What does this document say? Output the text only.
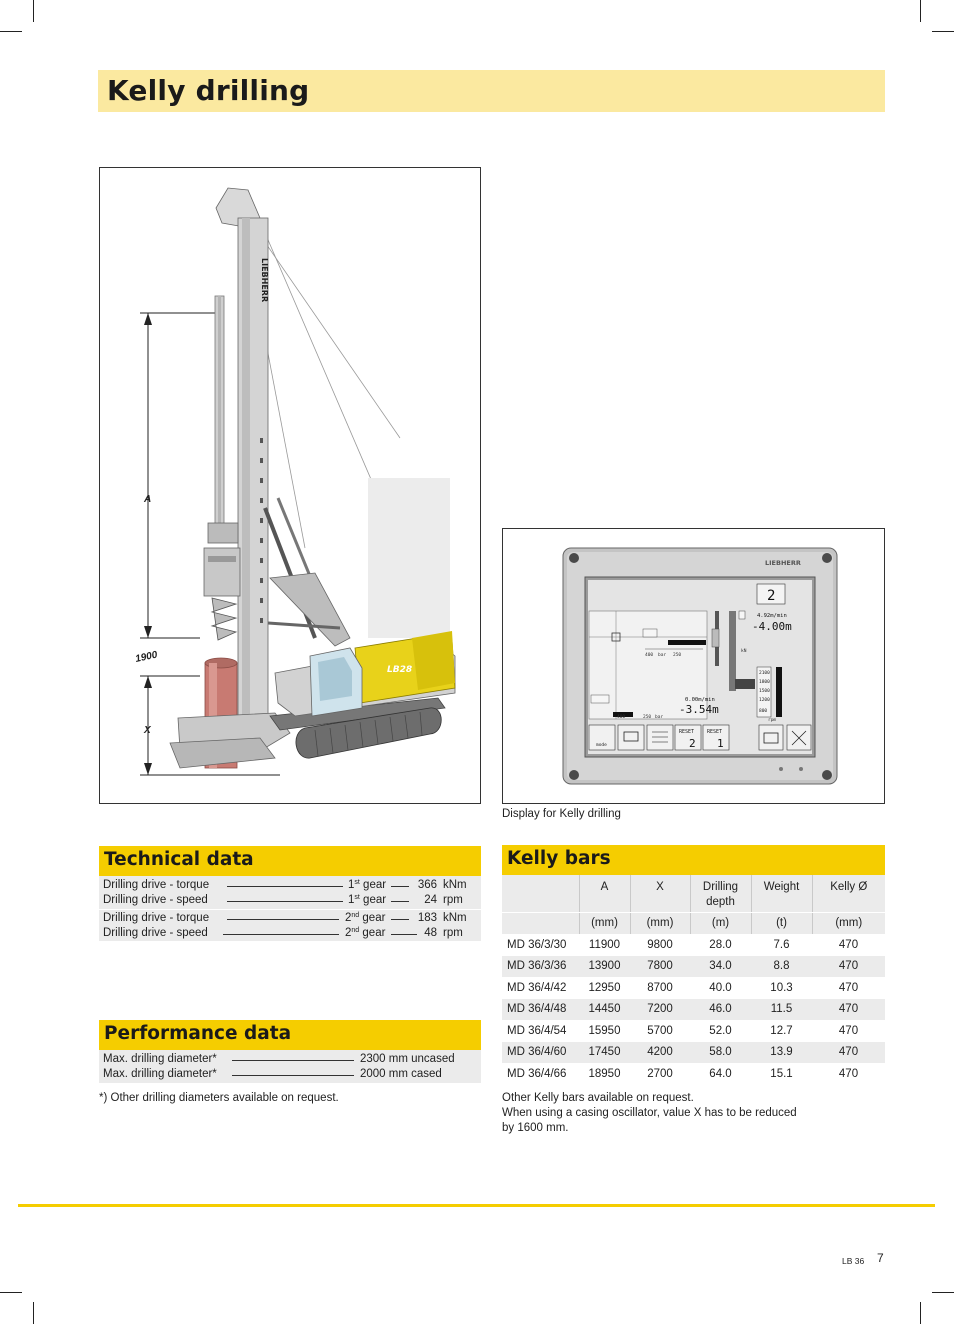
Kelly drilling
A
1900
X
LIEBHERR
LB28
LIEBHERR
400 bar 250
kN
2
4.92m/min
-4.00m
2100
1800
1500
1200
800
rpm
250 bar
400
0.00m/min
-3.54m
mode
RESET
2
RESET
1
Display for Kelly drilling
Technical data
Drilling drive - torque	1st gear	366 kNm
Drilling drive - speed	1st gear	24 rpm
Drilling drive - torque	2nd gear	183 kNm
Drilling drive - speed	2nd gear	48 rpm
Performance data
Max. drilling diameter*	2300 mm uncased
Max. drilling diameter*	2000 mm cased
*) Other drilling diameters available on request.
Kelly bars
	A	X	Drilling depth	Weight	Kelly Ø
	(mm)	(mm)	(m)	(t)	(mm)
MD 36/3/30	11900	9800	28.0	7.6	470
MD 36/3/36	13900	7800	34.0	8.8	470
MD 36/4/42	12950	8700	40.0	10.3	470
MD 36/4/48	14450	7200	46.0	11.5	470
MD 36/4/54	15950	5700	52.0	12.7	470
MD 36/4/60	17450	4200	58.0	13.9	470
MD 36/4/66	18950	2700	64.0	15.1	470
Other Kelly bars available on request.
When using a casing oscillator, value X has to be reduced
by 1600 mm.
LB 36 7
